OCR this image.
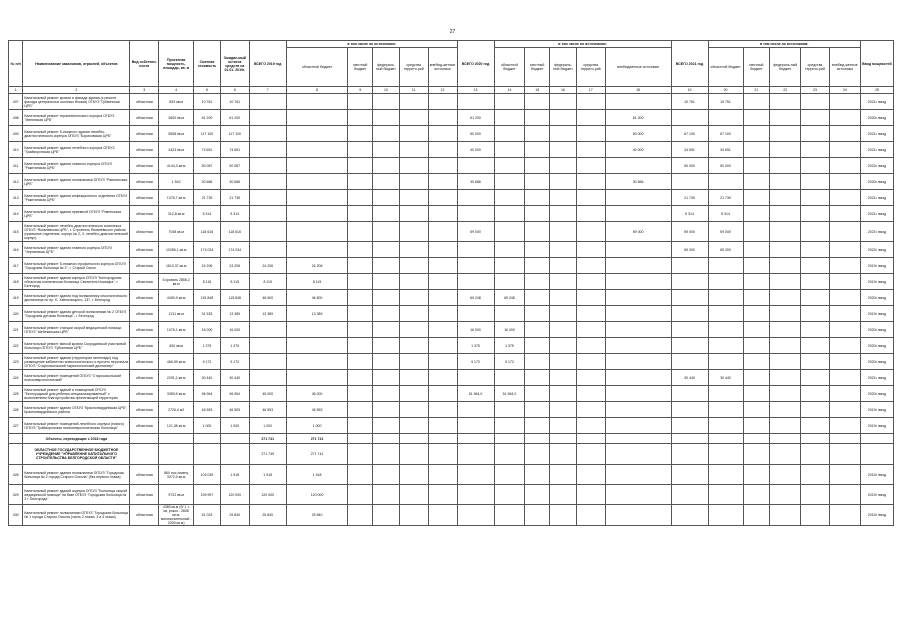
27
№ п/п	Наименование заказчиков, отраслей, объектов	Вид собствен-ности	Проектная мощность, площадь, кв. м	Сметная стоимость	Ожидае-мый остаток средств на 01.01. 2019г.	ВСЕГО 2019 год	в том числе по источникам:					ВСЕГО 2020 год	в том числе по источникам:					ВСЕГО 2021 год	в том числе по источникам:					Ввод мощностей
							областной бюджет	местный бюджет	федераль-ный бюджет	средства террито-рий	внебюд-жетные источники		областной бюджет	местный бюджет	федераль-ный бюджет	средства террито-рий	внебюджетные источники		областной бюджет	местный бюджет	федераль-ный бюджет	средства террито-рий	внебюд-жетные источники	
1	2	3	4	5	6	7	8	9	10	11	12	13	14	15	16	17	18	19	20	21	22	23	24	25
407	Капитальный ремонт кровли и фасада здания (с ремонт фасада центральных оконных блоков) ОГБУЗ "Губкинская ЦРБ"	областная	833 кв.м	10 761	10 761													10 761	10 761					2021г. ввод
408	Капитальный ремонт терапевтического корпуса ОГБУЗ "Ивнянская ЦРБ"	областная	3600 кв.м	61 200	61 200							61 200					61 200							2020г. ввод
409	Капитальный ремонт 5-этажного здания лечебно-диагностического корпуса ОГБУЗ "Борисовская ЦРБ"	областная	5508 кв.м	117 100	117 100							50 000					50 000	67 100	67 100					2021г. ввод
410	Капитальный ремонт здания лечебного корпуса ОГБУЗ "Грайворонская ЦРБ"	областная	4423 кв.м	74 651	74 651							40 000					40 000	34 651	34 651					2021г. ввод
411	Капитальный ремонт здания главного корпуса ОГБУЗ "Ракитянская ЦРБ"	областная	4144,3 кв.м	50 087	50 087													50 000	50 000					2022г. ввод
412	Капитальный ремонт здания поликлиники ОГБУЗ "Ракитянская ЦРБ"	областная	1 542	30 666	30 666							30 666					30 666							2020г. ввод
413	Капитальный ремонт здания инфекционного отделения ОГБУЗ "Ракитянская ЦРБ"	областная	1376,7 кв.м	21 739	21 739													21 739	21 739					2021г. ввод
414	Капитальный ремонт здания приемной ОГБУЗ "Ровеньская ЦРБ"	областная	312,8 кв.м	5 314	5 314													5 314	5 314					2021г. ввод
415	Капитальный ремонт лечебно-диагностического комплекса ОГБУЗ "Яковлевская ЦРБ", г. Строитель Яковлевского района (приемное отделение, корпус № 2, 3, лечебно-диагностический корпус)	областная	7048 кв.м	118 616	118 616							59 000					59 000	59 000	59 000					2021г. ввод
416	Капитальный ремонт здания главного корпуса ОГБУЗ "Чернянская ЦРБ"	областная	10256,1 кв.м	174 034	174 034													65 300	65 300					2022г. ввод
417	Капитальный ремонт 5-этажного профильного корпуса ОГБУЗ "Городская больница № 2", г. Старый Оскол	областная	1613,37 кв.м	24 206	24 206	24 206	24 206																	2019г. ввод
418	Капитальный ремонт здания корпуса ОГБУЗ "Белгородская областная клиническая больница Святителя Иоасафа", г. Белгород	областная	6 кровать 2858,2 кв.м	8 115	8 115	8 115	8 115																	2019г. ввод
419	Капитальный ремонт здания под поликлинику онкологического диспансера по пр. Б. Хмельницкого, 137, г. Белгород	областная	4490,9 кв.м	115 848	115 848	46 600	46 600					69 248	69 248											2020г. ввод
420	Капитальный ремонт здания детской поликлиники № 2 ОГБУЗ "Городская детская больница", г. Белгород	областная	1211 кв.м	31 533	13 389	13 389	13 389																	2019г. ввод
421	Капитальный ремонт станции скорой медицинской помощи ОГБУЗ "Шебекинская ЦРБ"	областная	1076,1 кв.м	16 000	16 000							16 000	16 000											2020г. ввод
422	Капитальный ремонт мягкой кровли Скородянской участковой больницы ОГБУЗ "Губкинская ЦРБ"	областная	600 кв.м	1 375	1 375							1 375	1 375											2020г. ввод
423	Капитальный ремонт здания (территория гаптенады) под размещение кабинетов гинекологического и прочего персонала ОГБУЗ "Старооскольский наркологический диспансер"	областная	466,99 кв.м	9 172	9 172							9 172	9 172											2020г. ввод
424	Капитальный ремонт помещений ОГБУЗ "Старооскольский психоневрологический"	областная	2291,2 кв.м	30 440	30 440													30 440	30 440					2021г. ввод
425	Капитальный ремонт зданий и помещений ОГБУЗ "Белгородский дом ребенка специализированный" с выполнением благоустройства прилегающей территории	областная	3359,5 кв.м	96 964	96 964	45 000	45 000					51 964,0	51 964,0											2020г. ввод
426	Капитальный ремонт здания ОГБУЗ "Красногвардейская ЦРБ", Красногвардейского района	областная	2726,4 м2	46 553	46 553	46 553	46 553																	2019г. ввод
427	Капитальный ремонт помещений лечебного корпуса (нового) ОГБУЗ "Грайворонская психоневрологическая больница"	областная	121,38 кв.м	1 000	1 000	1 000	1 000																	2019г. ввод
	Объекты, переходящие с 2018 года					271 741	271 741																	
	ОБЛАСТНОЕ ГОСУДАРСТВЕННОЕ БЮДЖЕТНОЕ УЧРЕЖДЕНИЕ "УПРАВЛЕНИЕ КАПИТАЛЬНОГО СТРОИТЕЛЬСТВА БЕЛГОРОДСКОЙ ОБЛАСТИ"					271 749	271 741																	
428	Капитальный ремонт здания поликлиники ОГБУЗ "Городская больница № 2 города Старого Оскола" (без первого этажа)	областная	860 пос./смену 3372,9 кв.м	103 039	1 918	1 918	1 918																	2019г. ввод
429	Капитальный ремонт зданий корпуса ОГБУЗ "Больница скорой медицинской помощи" на базе ОГБУЗ "Городская больница № 2 г. Белгорода"	областная	9722 кв.м	239 997	120 000	120 000	120 000																	2019г. ввод
430	Капитальный ремонт поликлиники ОГБУЗ "Городская больница № 1 города Старого Оскола (часть 2 этажа, 3 и 4 этажи)	областная	4385 кв.м (б/ 1 т. кв, рокоз - 2808 кв.м, вспомогательный - 2009 кв.м)	51 023	25 840	25 840	25 840																	2019г. ввод
